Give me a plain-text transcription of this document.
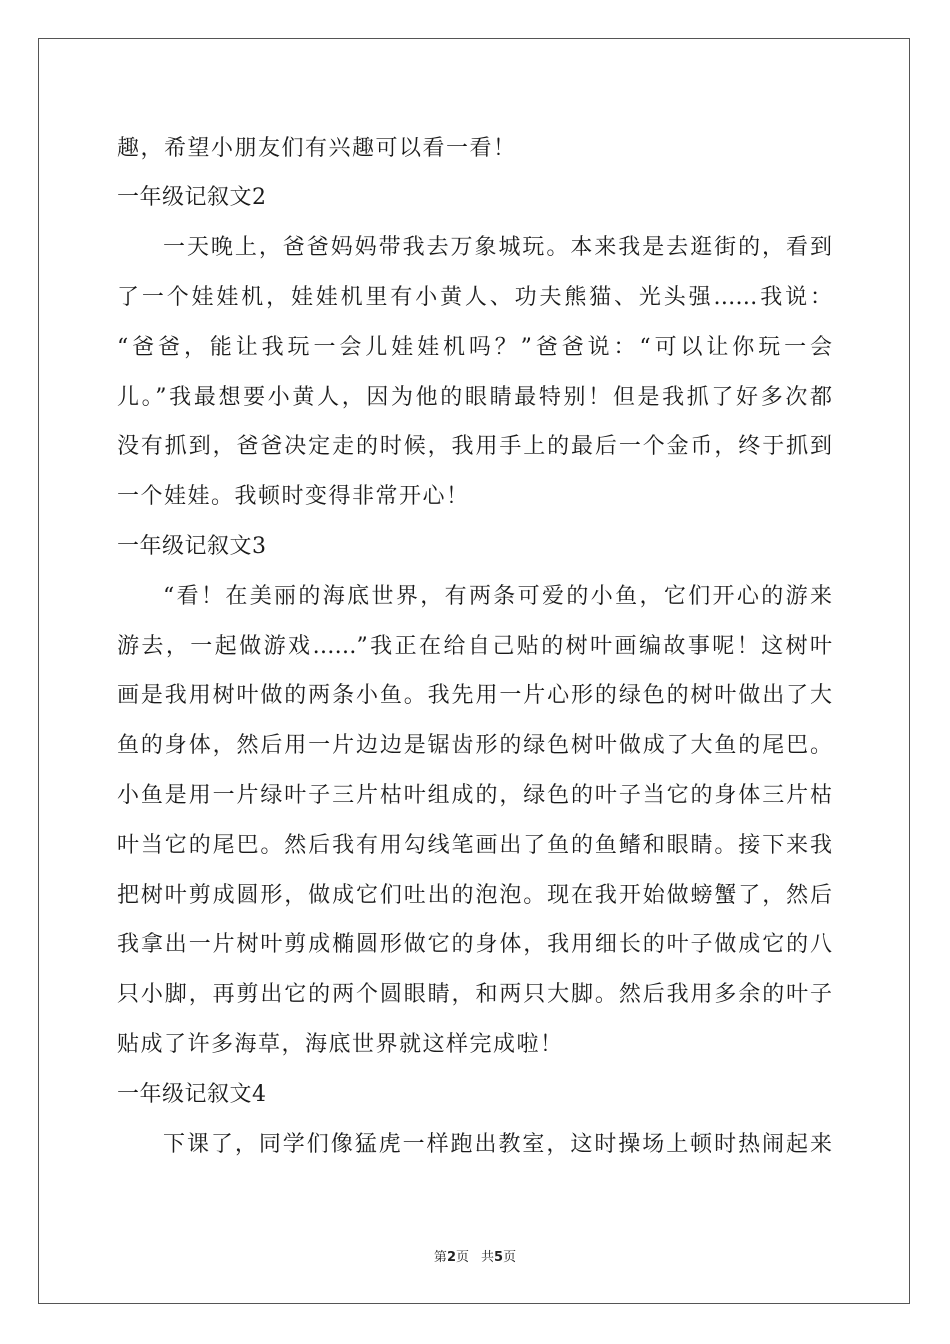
趣，希望小朋友们有兴趣可以看一看！
一年级记叙文2
一天晚上，爸爸妈妈带我去万象城玩。本来我是去逛街的，看到
了一个娃娃机，娃娃机里有小黄人、功夫熊猫、光头强……我说：
“爸爸，能让我玩一会儿娃娃机吗？”爸爸说：“可以让你玩一会
儿。”我最想要小黄人，因为他的眼睛最特别！但是我抓了好多次都
没有抓到，爸爸决定走的时候，我用手上的最后一个金币，终于抓到
一个娃娃。我顿时变得非常开心！
一年级记叙文3
“看！在美丽的海底世界，有两条可爱的小鱼，它们开心的游来
游去，一起做游戏……”我正在给自己贴的树叶画编故事呢！这树叶
画是我用树叶做的两条小鱼。我先用一片心形的绿色的树叶做出了大
鱼的身体，然后用一片边边是锯齿形的绿色树叶做成了大鱼的尾巴。
小鱼是用一片绿叶子三片枯叶组成的，绿色的叶子当它的身体三片枯
叶当它的尾巴。然后我有用勾线笔画出了鱼的鱼鳍和眼睛。接下来我
把树叶剪成圆形，做成它们吐出的泡泡。现在我开始做螃蟹了，然后
我拿出一片树叶剪成椭圆形做它的身体，我用细长的叶子做成它的八
只小脚，再剪出它的两个圆眼睛，和两只大脚。然后我用多余的叶子
贴成了许多海草，海底世界就这样完成啦！
一年级记叙文4
下课了，同学们像猛虎一样跑出教室，这时操场上顿时热闹起来
第2页 共5页
